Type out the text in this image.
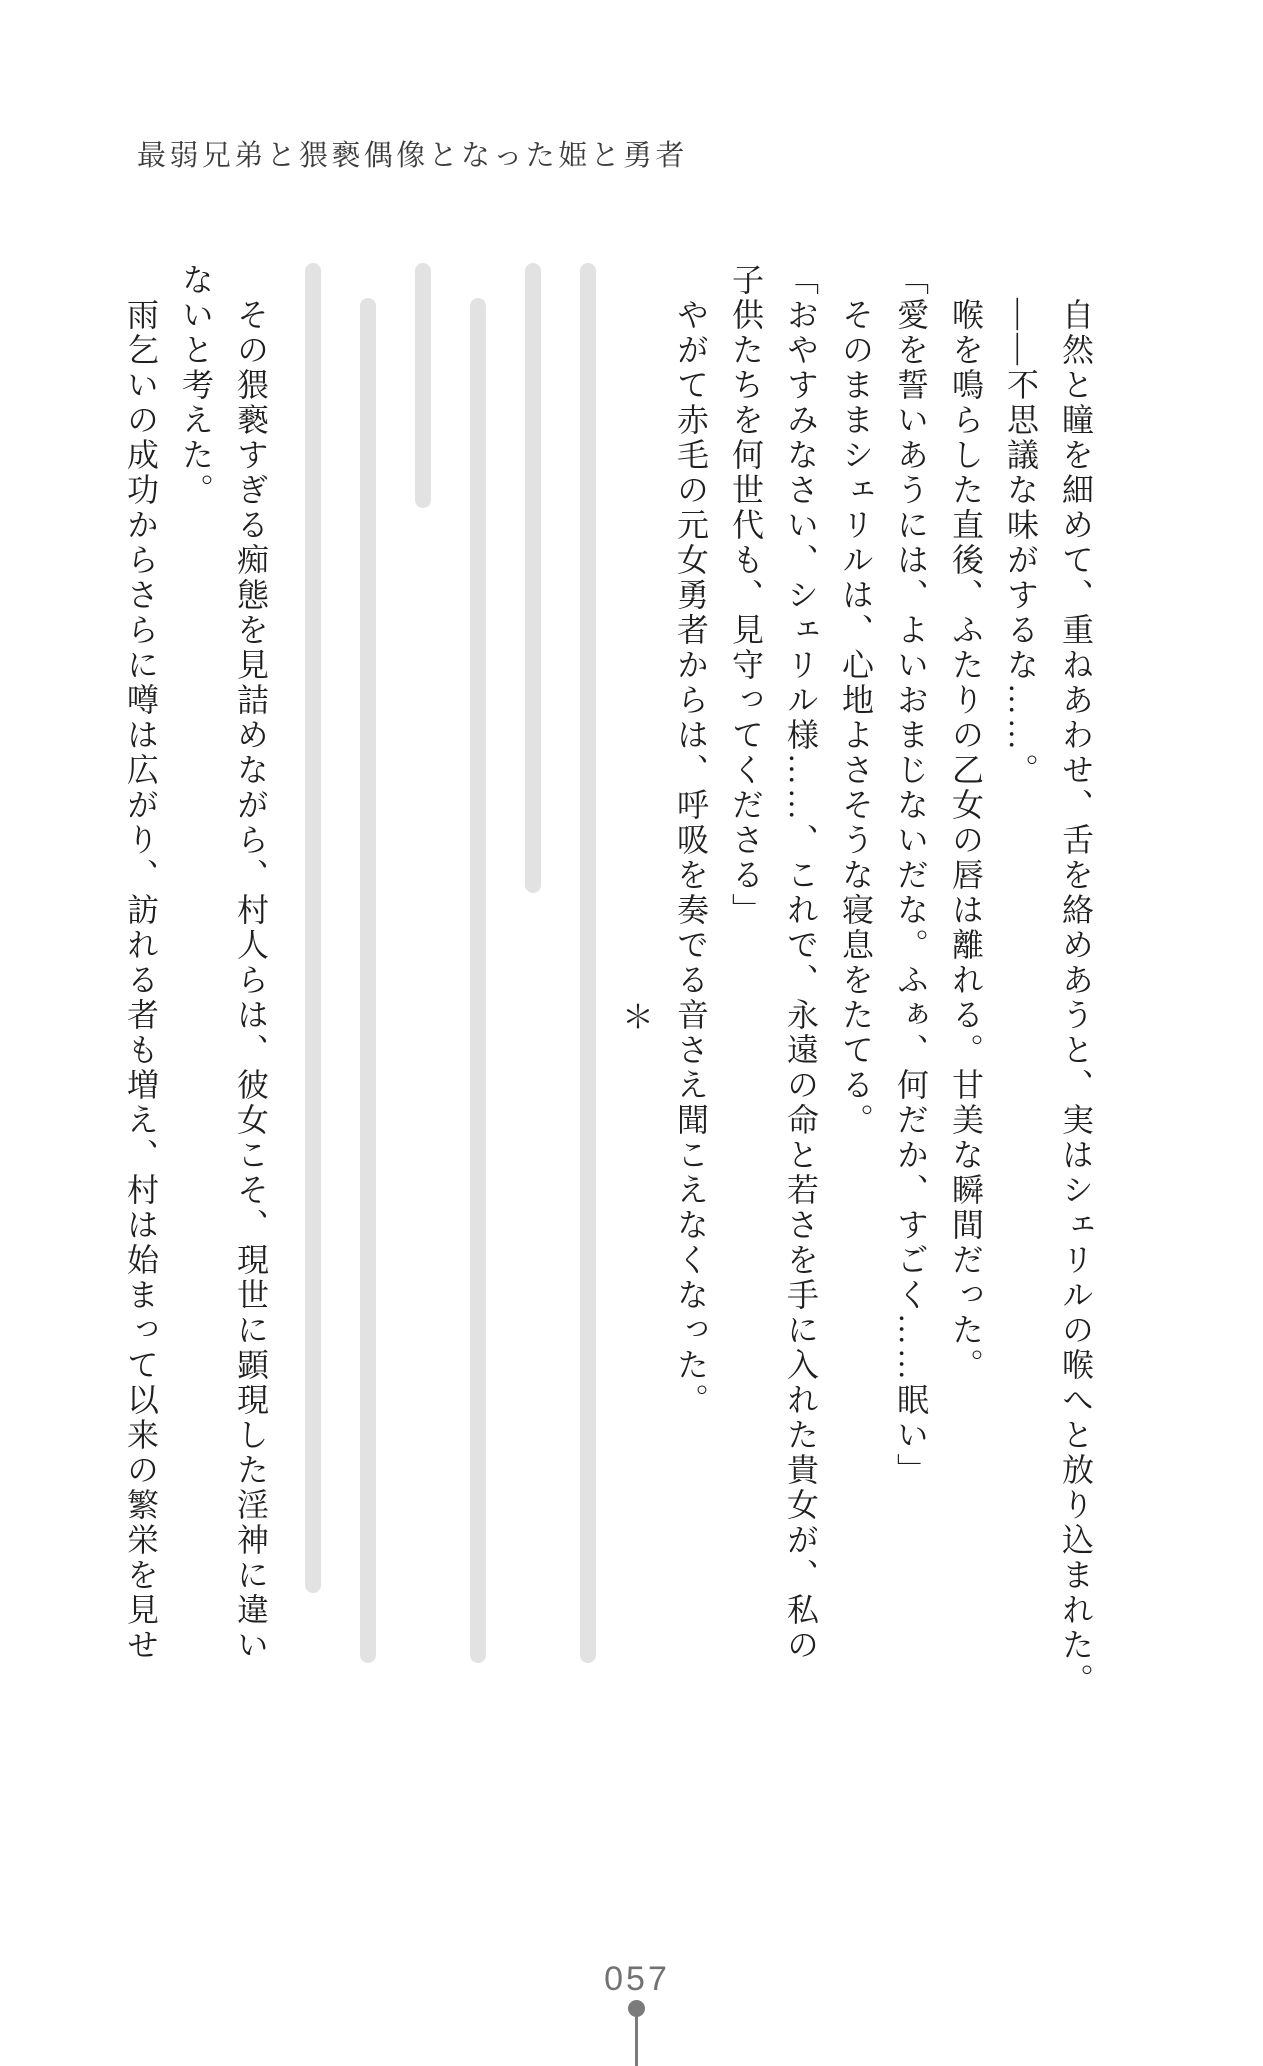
最弱兄弟と猥褻偶像となった姫と勇者
自然と瞳を細めて、重ねあわせ、舌を絡めあうと、実はシェリルの喉へと放り込まれた。
――不思議な味がするな……。
喉を鳴らした直後、ふたりの乙女の唇は離れる。甘美な瞬間だった。
「愛を誓いあうには、よいおまじないだな。ふぁ、何だか、すごく……眠い」
そのままシェリルは、心地よさそうな寝息をたてる。
「おやすみなさい、シェリル様……、これで、永遠の命と若さを手に入れた貴女が、私の
子供たちを何世代も、見守ってくださる」
やがて赤毛の元女勇者からは、呼吸を奏でる音さえ聞こえなくなった。
＊
その猥褻すぎる痴態を見詰めながら、村人らは、彼女こそ、現世に顕現した淫神に違い
ないと考えた。
雨乞いの成功からさらに噂は広がり、訪れる者も増え、村は始まって以来の繁栄を見せ
057
